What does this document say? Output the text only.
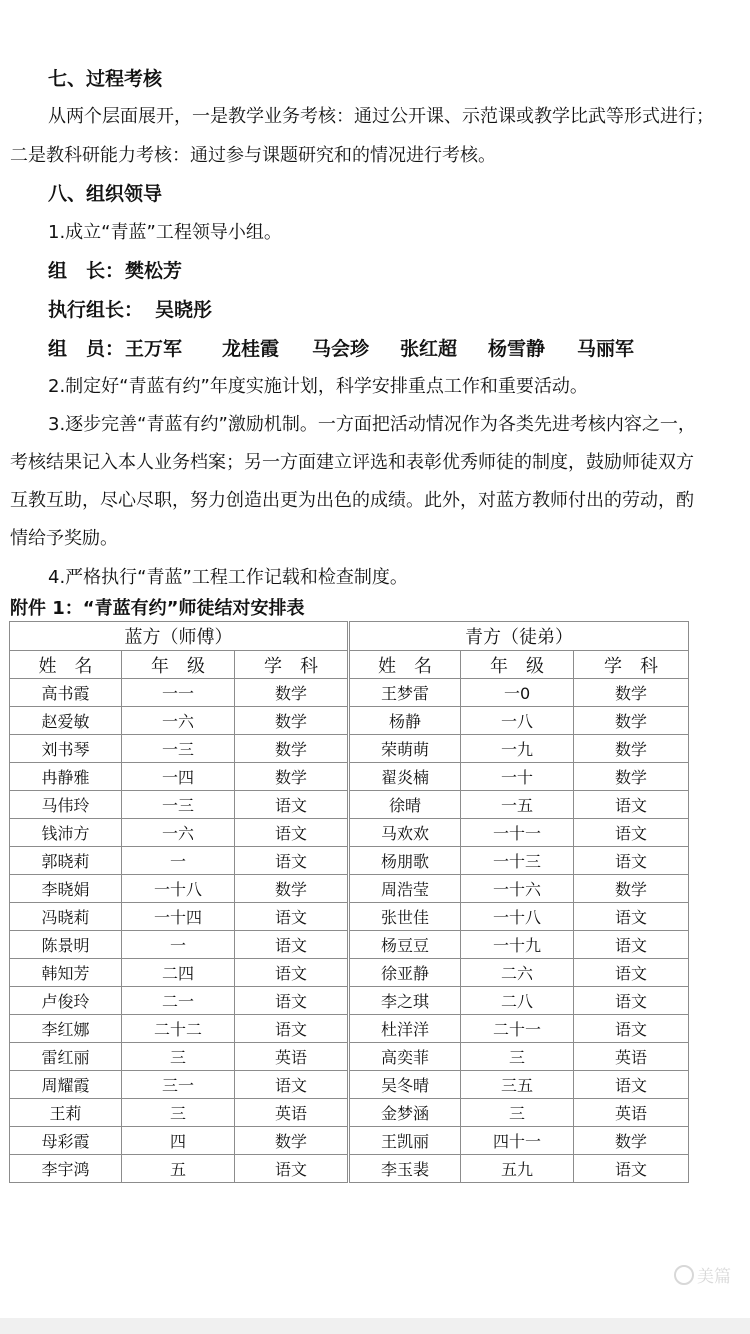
七、过程考核
从两个层面展开，一是教学业务考核：通过公开课、示范课或教学比武等形式进行；
二是教科研能力考核：通过参与课题研究和的情况进行考核。
八、组织领导
1.成立“青蓝”工程领导小组。
组　长： 樊松芳
执行组长： 吴晓彤
组　员： 王万军 龙桂霞 马会珍 张红超 杨雪静 马丽军
2.制定好“青蓝有约”年度实施计划，科学安排重点工作和重要活动。
3.逐步完善“青蓝有约”激励机制。一方面把活动情况作为各类先进考核内容之一，
考核结果记入本人业务档案；另一方面建立评选和表彰优秀师徒的制度，鼓励师徒双方
互教互助，尽心尽职，努力创造出更为出色的成绩。此外，对蓝方教师付出的劳动，酌
情给予奖励。
4.严格执行“青蓝”工程工作记载和检查制度。
附件 1：“青蓝有约”师徒结对安排表
蓝方（师傅）			青方（徒弟）		
姓　名	年　级	学　科	姓　名	年　级	学　科
高书霞	一一	数学	王梦雷	一0	数学
赵爱敏	一六	数学	杨静	一八	数学
刘书琴	一三	数学	荣萌萌	一九	数学
冉静雅	一四	数学	翟炎楠	一十	数学
马伟玲	一三	语文	徐晴	一五	语文
钱沛方	一六	语文	马欢欢	一十一	语文
郭晓莉	一	语文	杨朋歌	一十三	语文
李晓娟	一十八	数学	周浩莹	一十六	数学
冯晓莉	一十四	语文	张世佳	一十八	语文
陈景明	一	语文	杨豆豆	一十九	语文
韩知芳	二四	语文	徐亚静	二六	语文
卢俊玲	二一	语文	李之琪	二八	语文
李红娜	二十二	语文	杜洋洋	二十一	语文
雷红丽	三	英语	高奕菲	三	英语
周耀霞	三一	语文	吴冬晴	三五	语文
王莉	三	英语	金梦涵	三	英语
母彩霞	四	数学	王凯丽	四十一	数学
李宇鸿	五	语文	李玉裴	五九	语文
美篇
